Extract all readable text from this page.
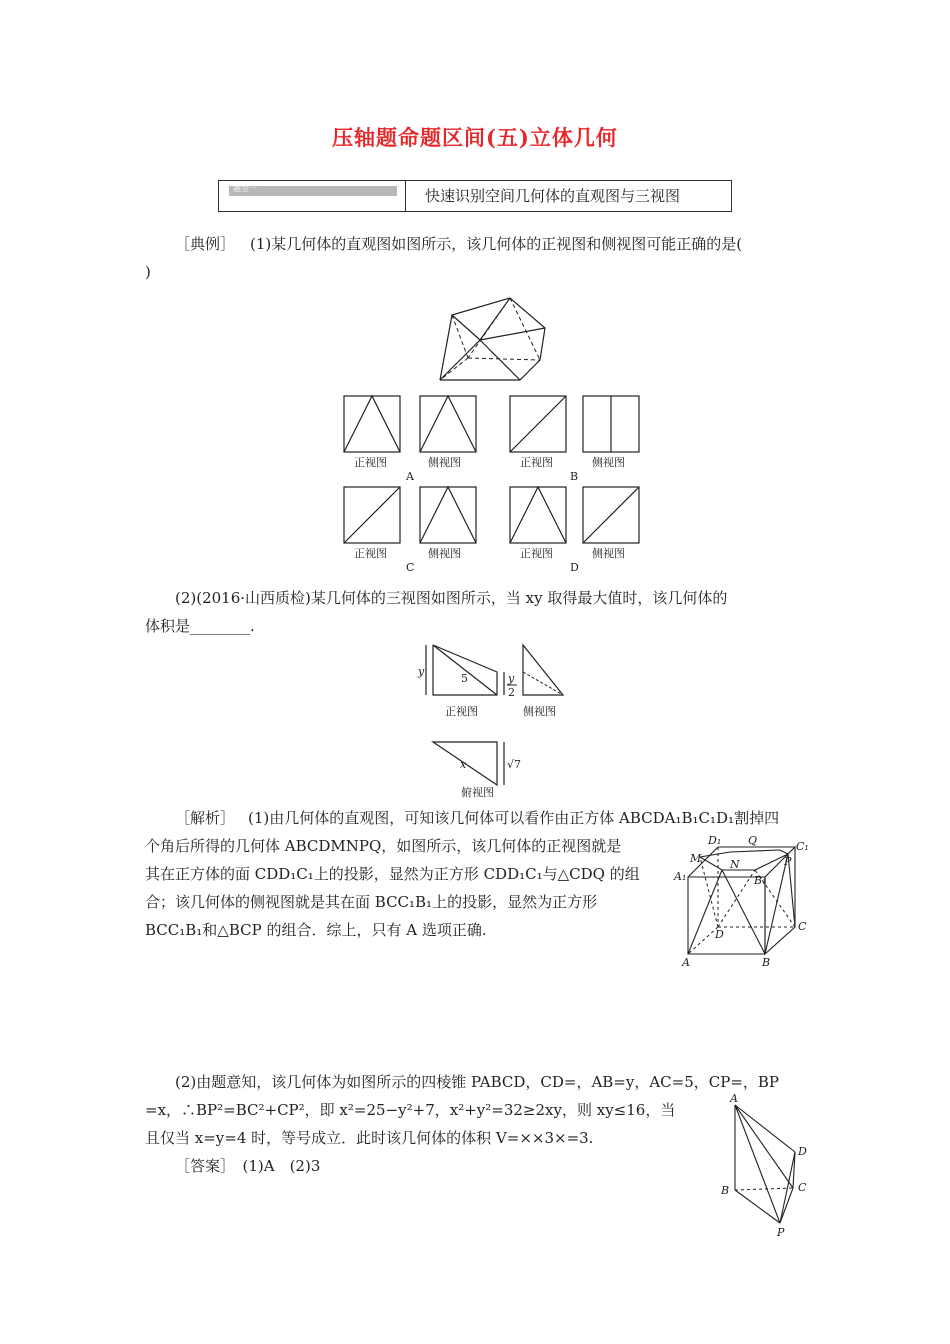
压轴题命题区间(五)立体几何
题型一	快速识别空间几何体的直观图与三视图
［典例］ (1)某几何体的直观图如图所示，该几何体的正视图和侧视图可能正确的是(
)
正视图	侧视图
A
正视图	侧视图
B
正视图	侧视图
C
正视图	侧视图
D
(2)(2016·山西质检)某几何体的三视图如图所示，当 xy 取得最大值时，该几何体的
体积是________.
y
5	y
2
x	√7
正视图	侧视图
俯视图
［解析］ (1)由几何体的直观图，可知该几何体可以看作由正方体 ABCDA₁B₁C₁D₁割掉四
个角后所得的几何体 ABCDMNPQ，如图所示，该几何体的正视图就是
其在正方体的面 CDD₁C₁上的投影，显然为正方形 CDD₁C₁与△CDQ 的组
合；该几何体的侧视图就是其在面 BCC₁B₁上的投影，显然为正方形
BCC₁B₁和△BCP 的组合．综上，只有 A 选项正确.
D₁ Q	C₁
M	N	P
A₁	B₁
D
C
A	B
(2)由题意知，该几何体为如图所示的四棱锥 PABCD，CD=，AB=y，AC=5，CP=，BP
=x，∴BP²=BC²+CP²，即 x²=25−y²+7，x²+y²=32≥2xy，则 xy≤16，当
且仅当 x=y=4 时，等号成立．此时该几何体的体积 V=××3×=3.
［答案］　(1)A　(2)3
A
D
B	C
P
